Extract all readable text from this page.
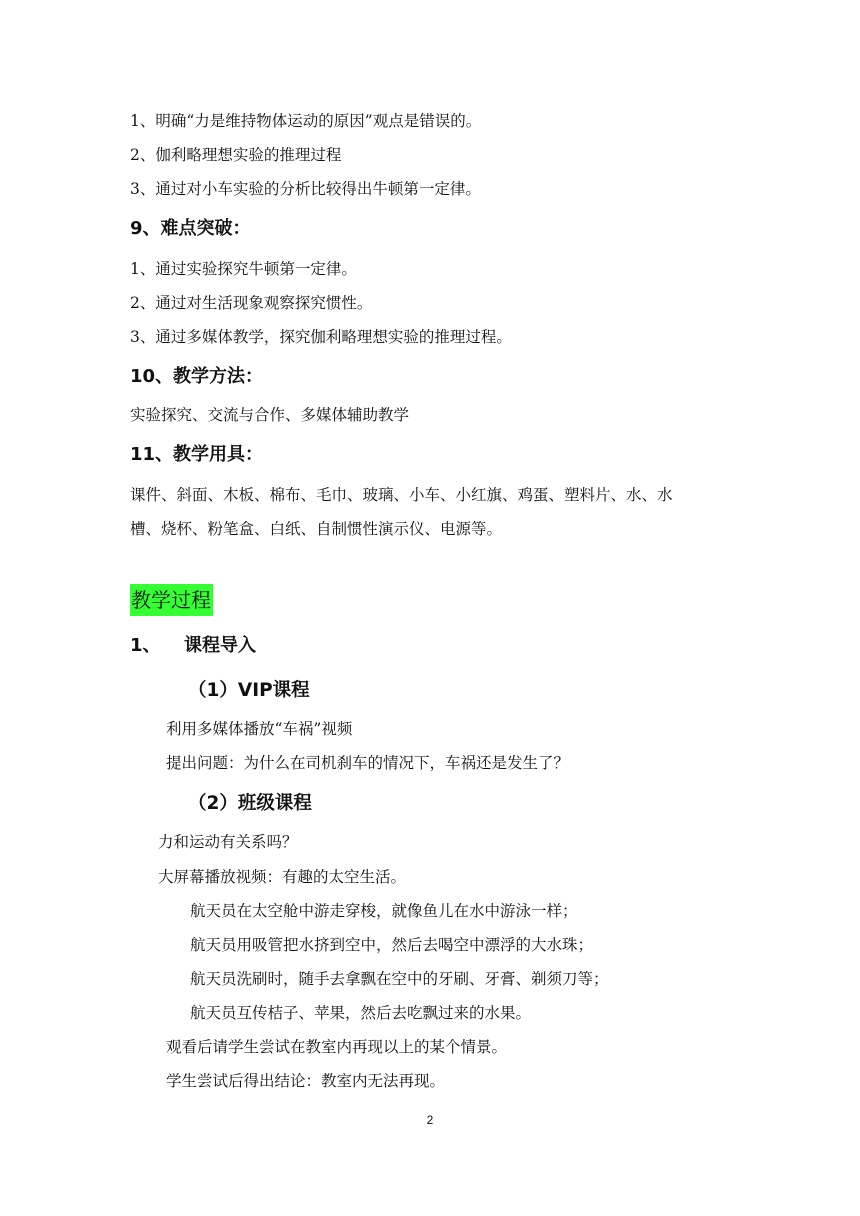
1、明确“力是维持物体运动的原因”观点是错误的。
2、伽利略理想实验的推理过程
3、通过对小车实验的分析比较得出牛顿第一定律。
9、难点突破：
1、通过实验探究牛顿第一定律。
2、通过对生活现象观察探究惯性。
3、通过多媒体教学，探究伽利略理想实验的推理过程。
10、教学方法：
实验探究、交流与合作、多媒体辅助教学
11、教学用具：
课件、斜面、木板、棉布、毛巾、玻璃、小车、小红旗、鸡蛋、塑料片、水、水
槽、烧杯、粉笔盒、白纸、自制惯性演示仪、电源等。
教学过程
1、 课程导入
（1）VIP课程
利用多媒体播放“车祸”视频
提出问题：为什么在司机刹车的情况下，车祸还是发生了？
（2）班级课程
力和运动有关系吗？
大屏幕播放视频：有趣的太空生活。
航天员在太空舱中游走穿梭，就像鱼儿在水中游泳一样；
航天员用吸管把水挤到空中，然后去喝空中漂浮的大水珠；
航天员洗刷时，随手去拿飘在空中的牙刷、牙膏、剃须刀等；
航天员互传桔子、苹果，然后去吃飘过来的水果。
观看后请学生尝试在教室内再现以上的某个情景。
学生尝试后得出结论：教室内无法再现。
2
